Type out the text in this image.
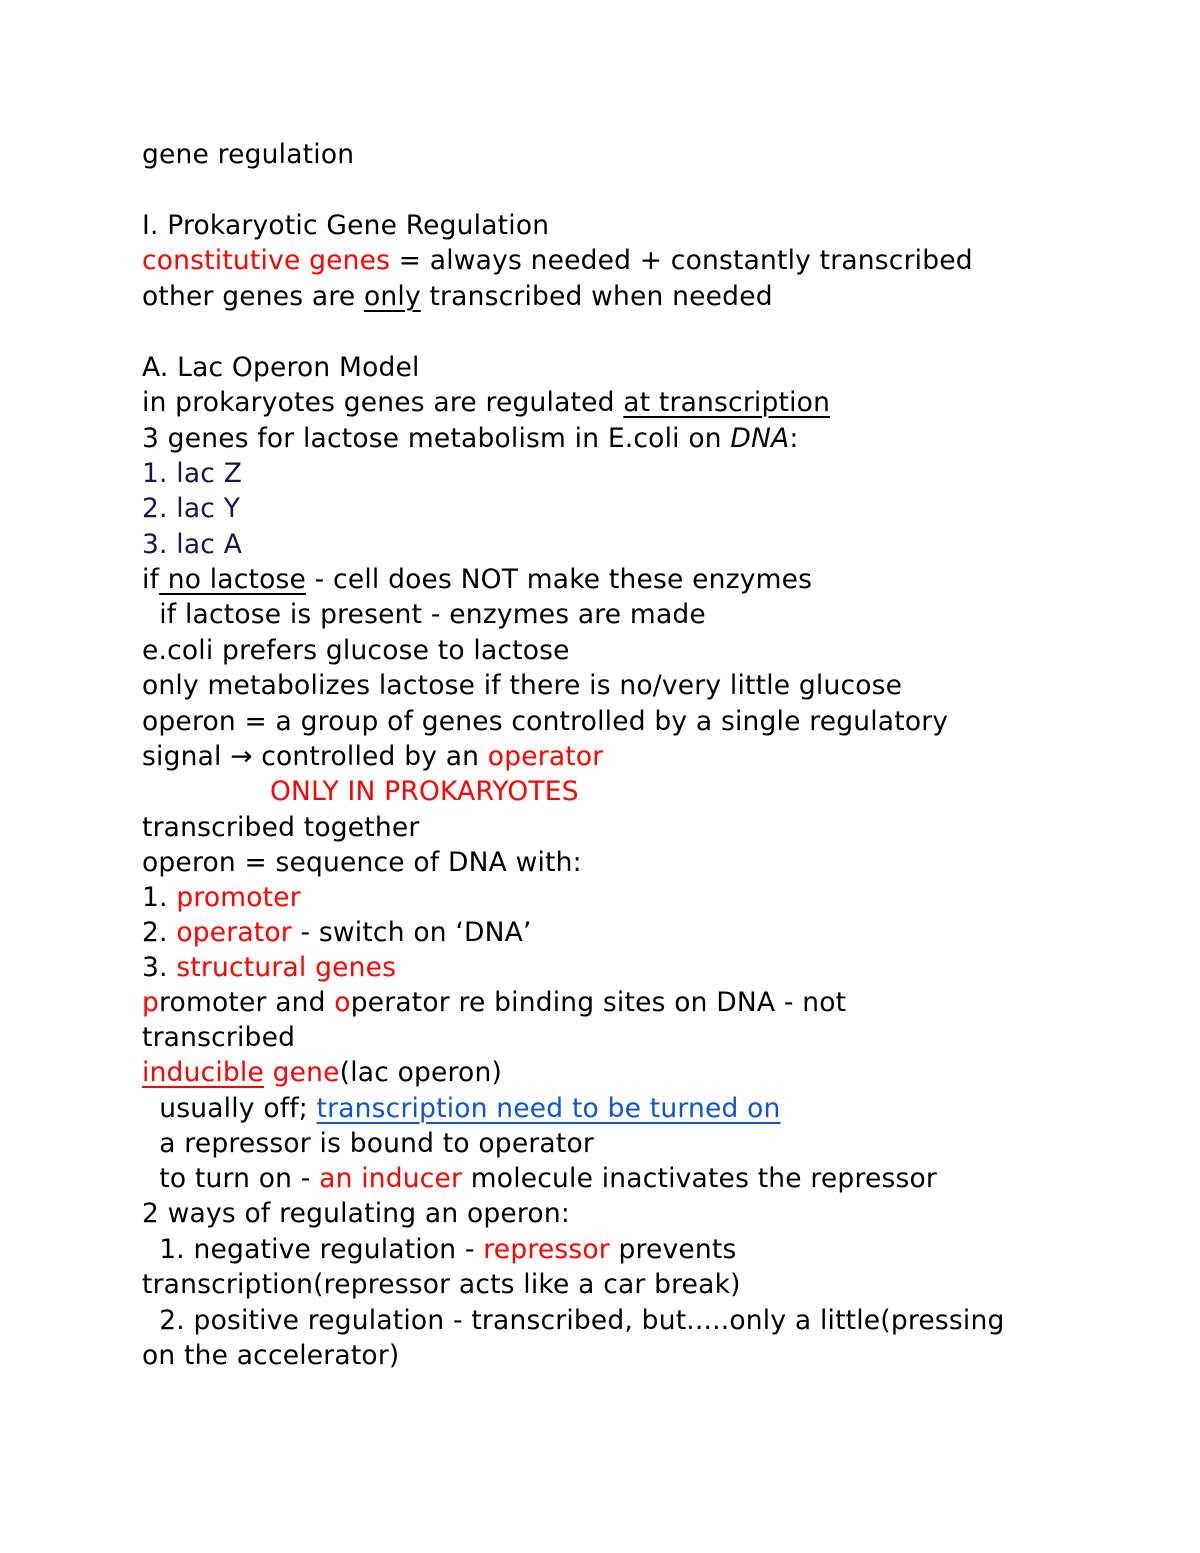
gene regulation
I. Prokaryotic Gene Regulation
constitutive genes = always needed + constantly transcribed
other genes are only transcribed when needed
A. Lac Operon Model
in prokaryotes genes are regulated at transcription
3 genes for lactose metabolism in E.coli on DNA:
1. lac Z
2. lac Y
3. lac A
if no lactose - cell does NOT make these enzymes
if lactose is present - enzymes are made
e.coli prefers glucose to lactose
only metabolizes lactose if there is no/very little glucose
operon = a group of genes controlled by a single regulatory
signal → controlled by an operator
ONLY IN PROKARYOTES
transcribed together
operon = sequence of DNA with:
1. promoter
2. operator - switch on ‘DNA’
3. structural genes
promoter and operator re binding sites on DNA - not
transcribed
inducible gene(lac operon)
usually off; transcription need to be turned on
a repressor is bound to operator
to turn on - an inducer molecule inactivates the repressor
2 ways of regulating an operon:
1. negative regulation - repressor prevents
transcription(repressor acts like a car break)
2. positive regulation - transcribed, but.....only a little(pressing
on the accelerator)
